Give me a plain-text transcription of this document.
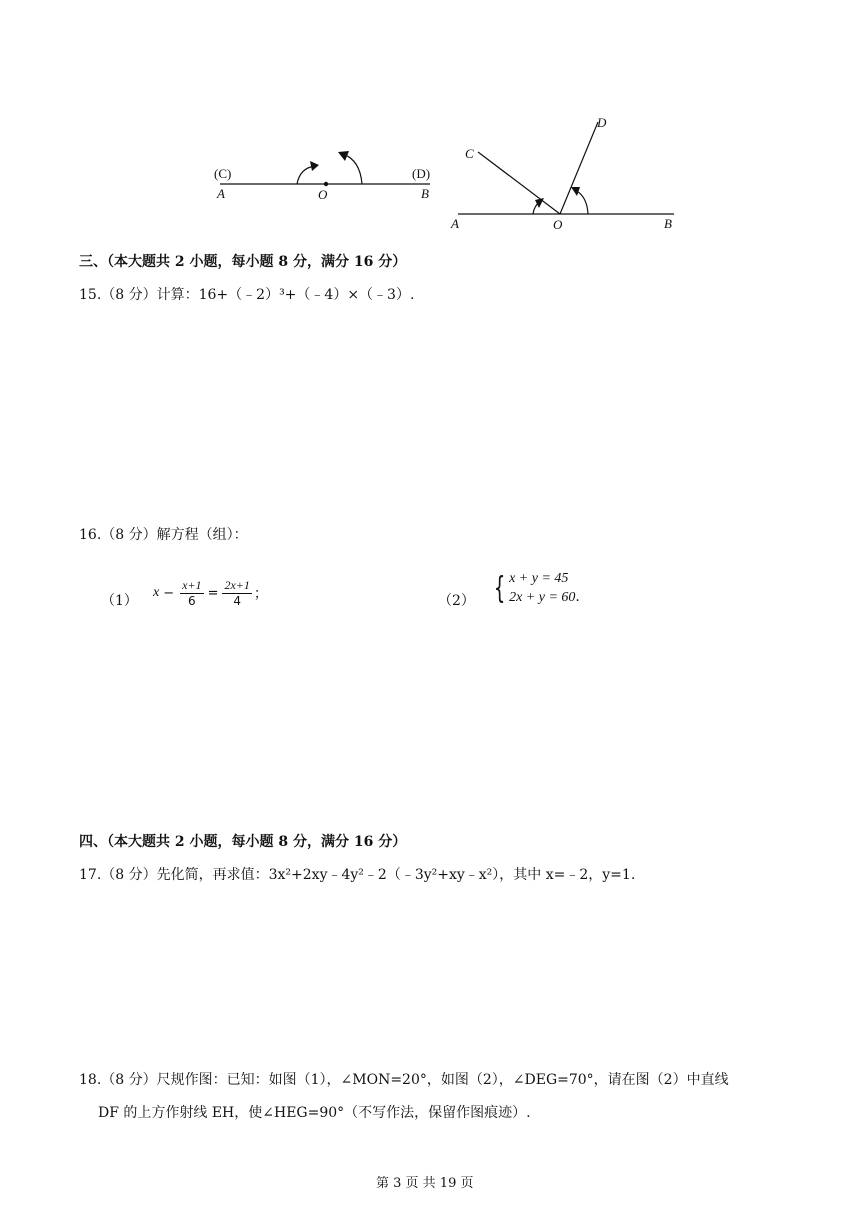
(C)	(D)
A	O	B
C
D
A	O	B
三、（本大题共 2 小题，每小题 8 分，满分 16 分）
15.（8 分）计算：16+（﹣2）³+（﹣4）×（﹣3）.
16.（8 分）解方程（组）：
（1）
$x - \frac{x+1}{6} = \frac{2x+1}{4}$ ；	（2） { x + y = 45
2x + y = 60.
四、（本大题共 2 小题，每小题 8 分，满分 16 分）
17.（8 分）先化简，再求值：3x²+2xy﹣4y²﹣2（﹣3y²+xy﹣x²），其中 x=﹣2，y=1.
18.（8 分）尺规作图：已知：如图（1），∠MON=20°，如图（2），∠DEG=70°，请在图（2）中直线
DF 的上方作射线 EH，使∠HEG=90°（不写作法，保留作图痕迹）.
第 3 页 共 19 页
